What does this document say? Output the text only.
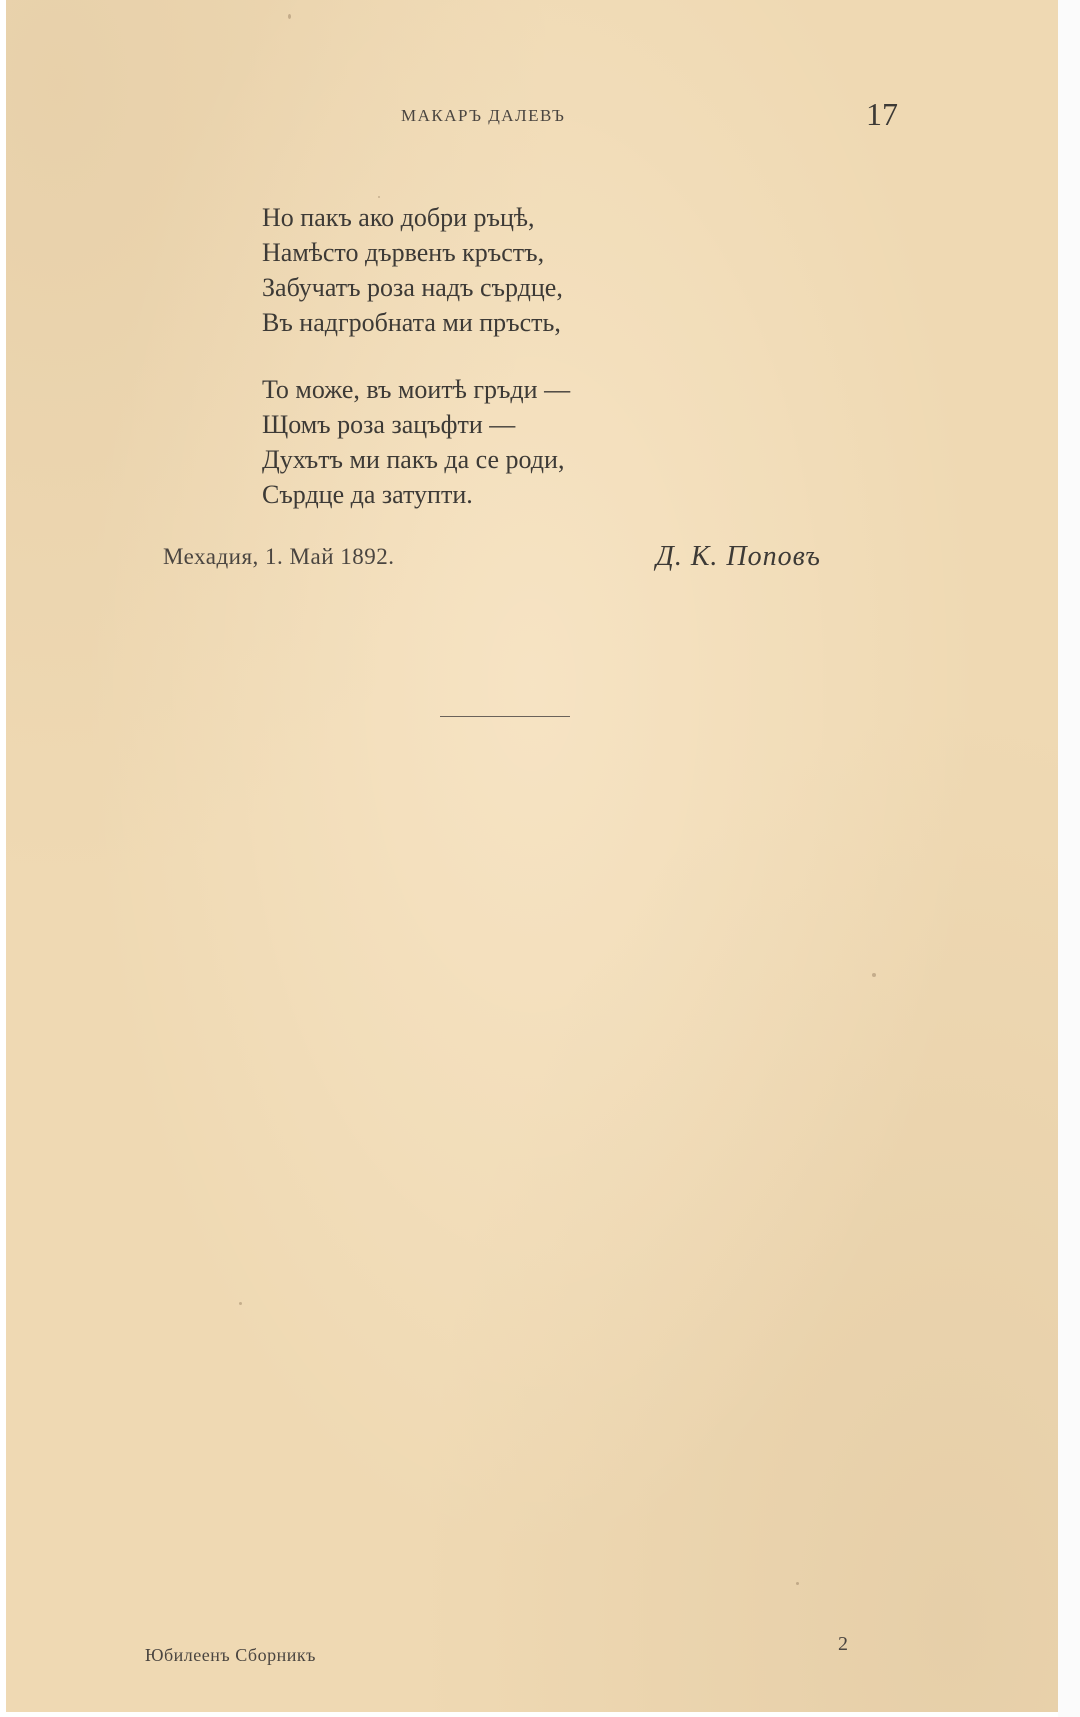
МАКАРЪ ДАЛЕВЪ	17
Но пакъ ако добри ръцѣ,
Намѣсто дървенъ кръстъ,
Забучатъ роза надъ сърдце,
Въ надгробната ми пръсть,
То може, въ моитѣ гръди —
Щомъ роза зацъфти —
Духътъ ми пакъ да се роди,
Сърдце да затупти.
Мехадия, 1. Май 1892.	Д. К. Поповъ
Юбилеенъ Сборникъ	2
